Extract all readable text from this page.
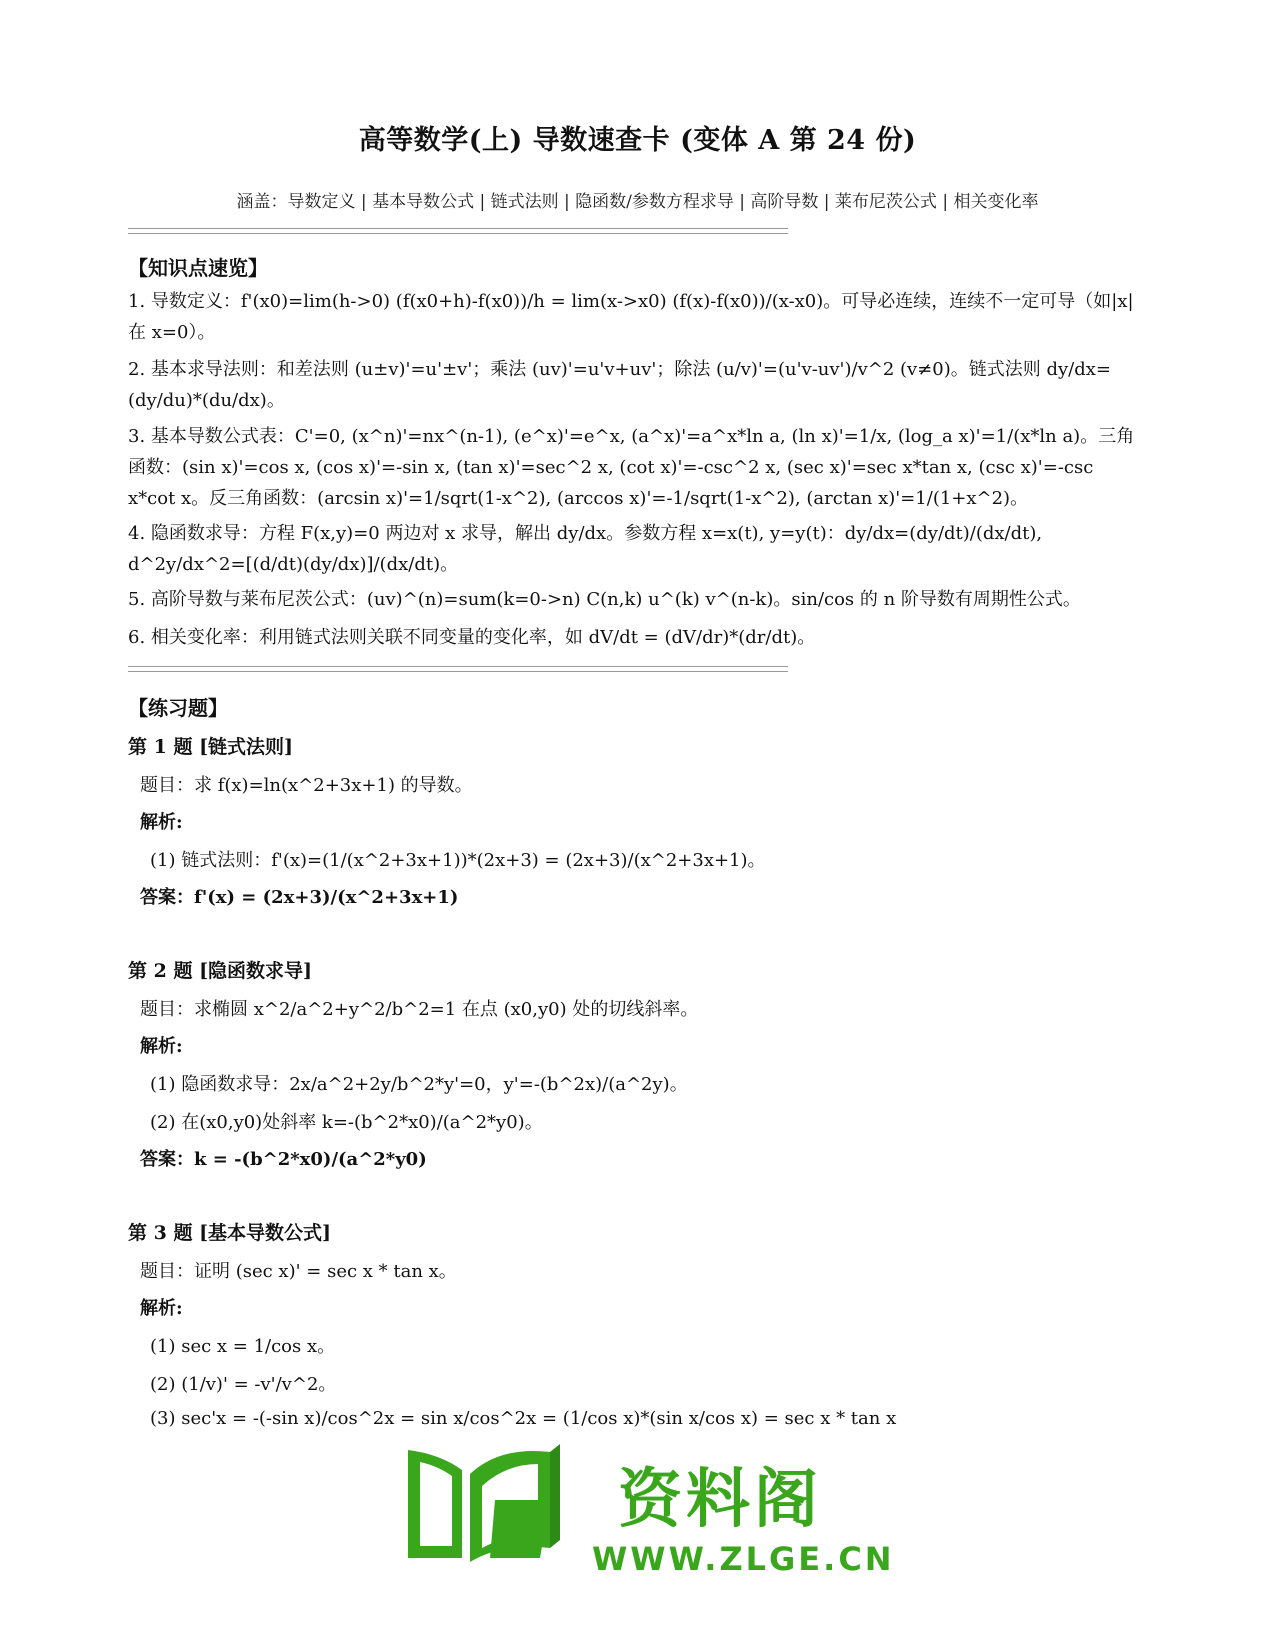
高等数学(上) 导数速查卡 (变体 A 第 24 份)
涵盖：导数定义 | 基本导数公式 | 链式法则 | 隐函数/参数方程求导 | 高阶导数 | 莱布尼茨公式 | 相关变化率
【知识点速览】

1. 导数定义：f'(x0)=lim(h->0) (f(x0+h)-f(x0))/h = lim(x->x0) (f(x)-f(x0))/(x-x0)。可导必连续，连续不一定可导（如|x|在 x=0）。

2. 基本求导法则：和差法则 (u±v)'=u'±v'；乘法 (uv)'=u'v+uv'；除法 (u/v)'=(u'v-uv')/v^2 (v≠0)。链式法则 dy/dx=(dy/du)*(du/dx)。

3. 基本导数公式表：C'=0, (x^n)'=nx^(n-1), (e^x)'=e^x, (a^x)'=a^x*ln a, (ln x)'=1/x, (log_a x)'=1/(x*ln a)。三角函数：(sin x)'=cos x, (cos x)'=-sin x, (tan x)'=sec^2 x, (cot x)'=-csc^2 x, (sec x)'=sec x*tan x, (csc x)'=-csc x*cot x。反三角函数：(arcsin x)'=1/sqrt(1-x^2), (arccos x)'=-1/sqrt(1-x^2), (arctan x)'=1/(1+x^2)。

4. 隐函数求导：方程 F(x,y)=0 两边对 x 求导，解出 dy/dx。参数方程 x=x(t), y=y(t)：dy/dx=(dy/dt)/(dx/dt), d^2y/dx^2=[(d/dt)(dy/dx)]/(dx/dt)。

5. 高阶导数与莱布尼茨公式：(uv)^(n)=sum(k=0->n) C(n,k) u^(k) v^(n-k)。sin/cos 的 n 阶导数有周期性公式。

6. 相关变化率：利用链式法则关联不同变量的变化率，如 dV/dt = (dV/dr)*(dr/dt)。

【练习题】
第 1 题 [链式法则]
题目：求 f(x)=ln(x^2+3x+1) 的导数。
解析:
(1) 链式法则：f'(x)=(1/(x^2+3x+1))*(2x+3) = (2x+3)/(x^2+3x+1)。
答案：f'(x) = (2x+3)/(x^2+3x+1)
第 2 题 [隐函数求导]
题目：求椭圆 x^2/a^2+y^2/b^2=1 在点 (x0,y0) 处的切线斜率。
解析:
(1) 隐函数求导：2x/a^2+2y/b^2*y'=0，y'=-(b^2x)/(a^2y)。
(2) 在(x0,y0)处斜率 k=-(b^2*x0)/(a^2*y0)。
答案：k = -(b^2*x0)/(a^2*y0)
第 3 题 [基本导数公式]
题目：证明 (sec x)' = sec x * tan x。
解析:
(1) sec x = 1/cos x。
(2) (1/v)' = -v'/v^2。
(3) sec'x = -(-sin x)/cos^2x = sin x/cos^2x = (1/cos x)*(sin x/cos x) = sec x * tan x
资料阁
WWW.ZLGE.CN
